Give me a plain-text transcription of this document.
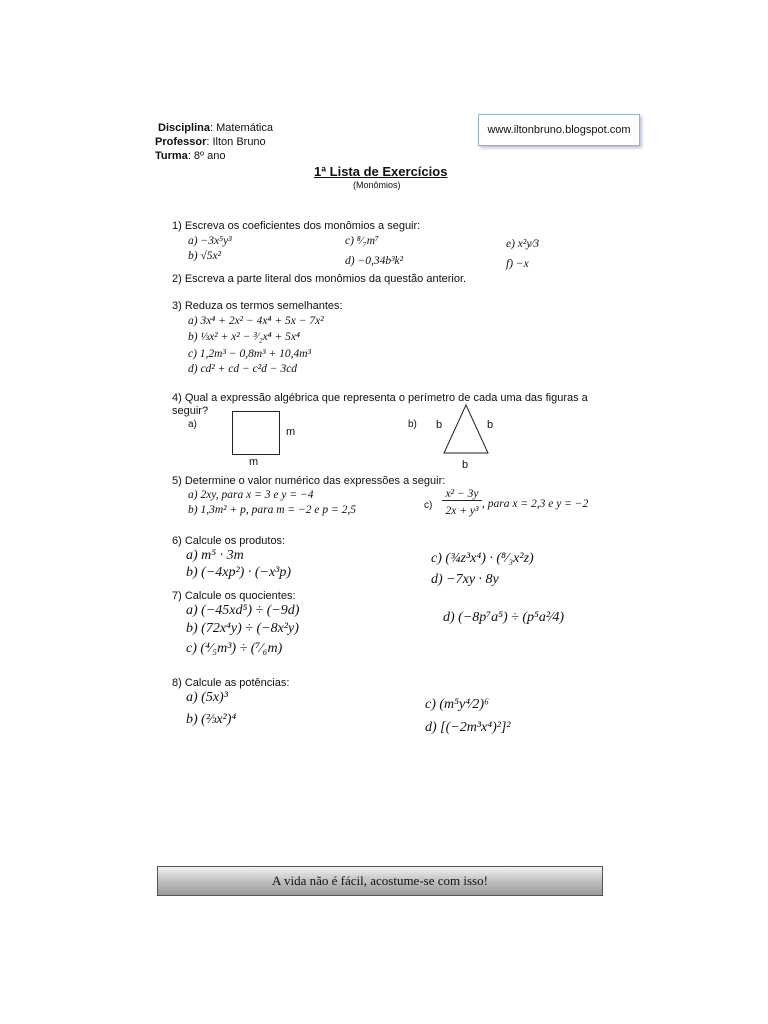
Disciplina: Matemática
Professor: Ilton Bruno
Turma: 8º ano
www.iltonbruno.blogspot.com
1ª Lista de Exercícios
(Monômios)
1) Escreva os coeficientes dos monômios a seguir:
a) −3x⁵y³
b) √5x²
c) ⁸⁄₇m⁷
d) −0,34b³k²
e) x²y⁄3
f) −x
2) Escreva a parte literal dos monômios da questão anterior.
3) Reduza os termos semelhantes:
a) 3x⁴ + 2x² − 4x⁴ + 5x − 7x²
b) ⅓x² + x² − ³⁄₂x⁴ + 5x⁴
c) 1,2m³ − 0,8m³ + 10,4m³
d) cd² + cd − c²d − 3cd
4) Qual a expressão algébrica que representa o perímetro de cada uma das figuras a
seguir?
a)
m
m
b) b	b
b
5) Determine o valor numérico das expressões a seguir:
a) 2xy, para x = 3 e y = −4
b) 1,3m² + p, para m = −2 e p = 2,5	c)
x² − 3y
2x + y³
, para x = 2,3 e y = −2
6) Calcule os produtos:
a) m⁵ · 3m
b) (−4xp²) · (−x³p)
c) (¾z³x⁴) · (⁸⁄₃x²z)
d) −7xy · 8y
7) Calcule os quocientes:
a) (−45xd⁵) ÷ (−9d)
b) (72x⁴y) ÷ (−8x²y)
c) (⁴⁄₅m³) ÷ (⁷⁄₆m)
d) (−8p⁷a⁵) ÷ (p⁵a²⁄4)
8) Calcule as potências:
a) (5x)³
b) (⅔x²)⁴
c) (m⁵y⁴⁄2)⁶
d) [(−2m³x⁴)²]²
A vida não é fácil, acostume-se com isso!
